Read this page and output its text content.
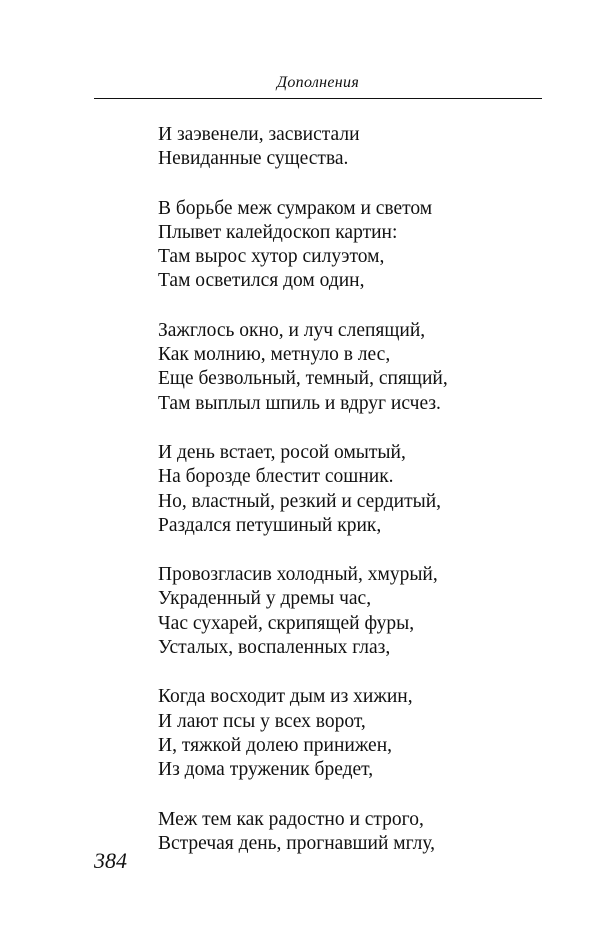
Дополнения
И заэвенели, засвистали
Невиданные существа.
В борьбе меж сумраком и светом
Плывет калейдоскоп картин:
Там вырос хутор силуэтом,
Там осветился дом один,
Зажглось окно, и луч слепящий,
Как молнию, метнуло в лес,
Еще безвольный, темный, спящий,
Там выплыл шпиль и вдруг исчез.
И день встает, росой омытый,
На борозде блестит сошник.
Но, властный, резкий и сердитый,
Раздался петушиный крик,
Провозгласив холодный, хмурый,
Украденный у дремы час,
Час сухарей, скрипящей фуры,
Усталых, воспаленных глаз,
Когда восходит дым из хижин,
И лают псы у всех ворот,
И, тяжкой долею принижен,
Из дома труженик бредет,
Меж тем как радостно и строго,
Встречая день, прогнавший мглу,
384
